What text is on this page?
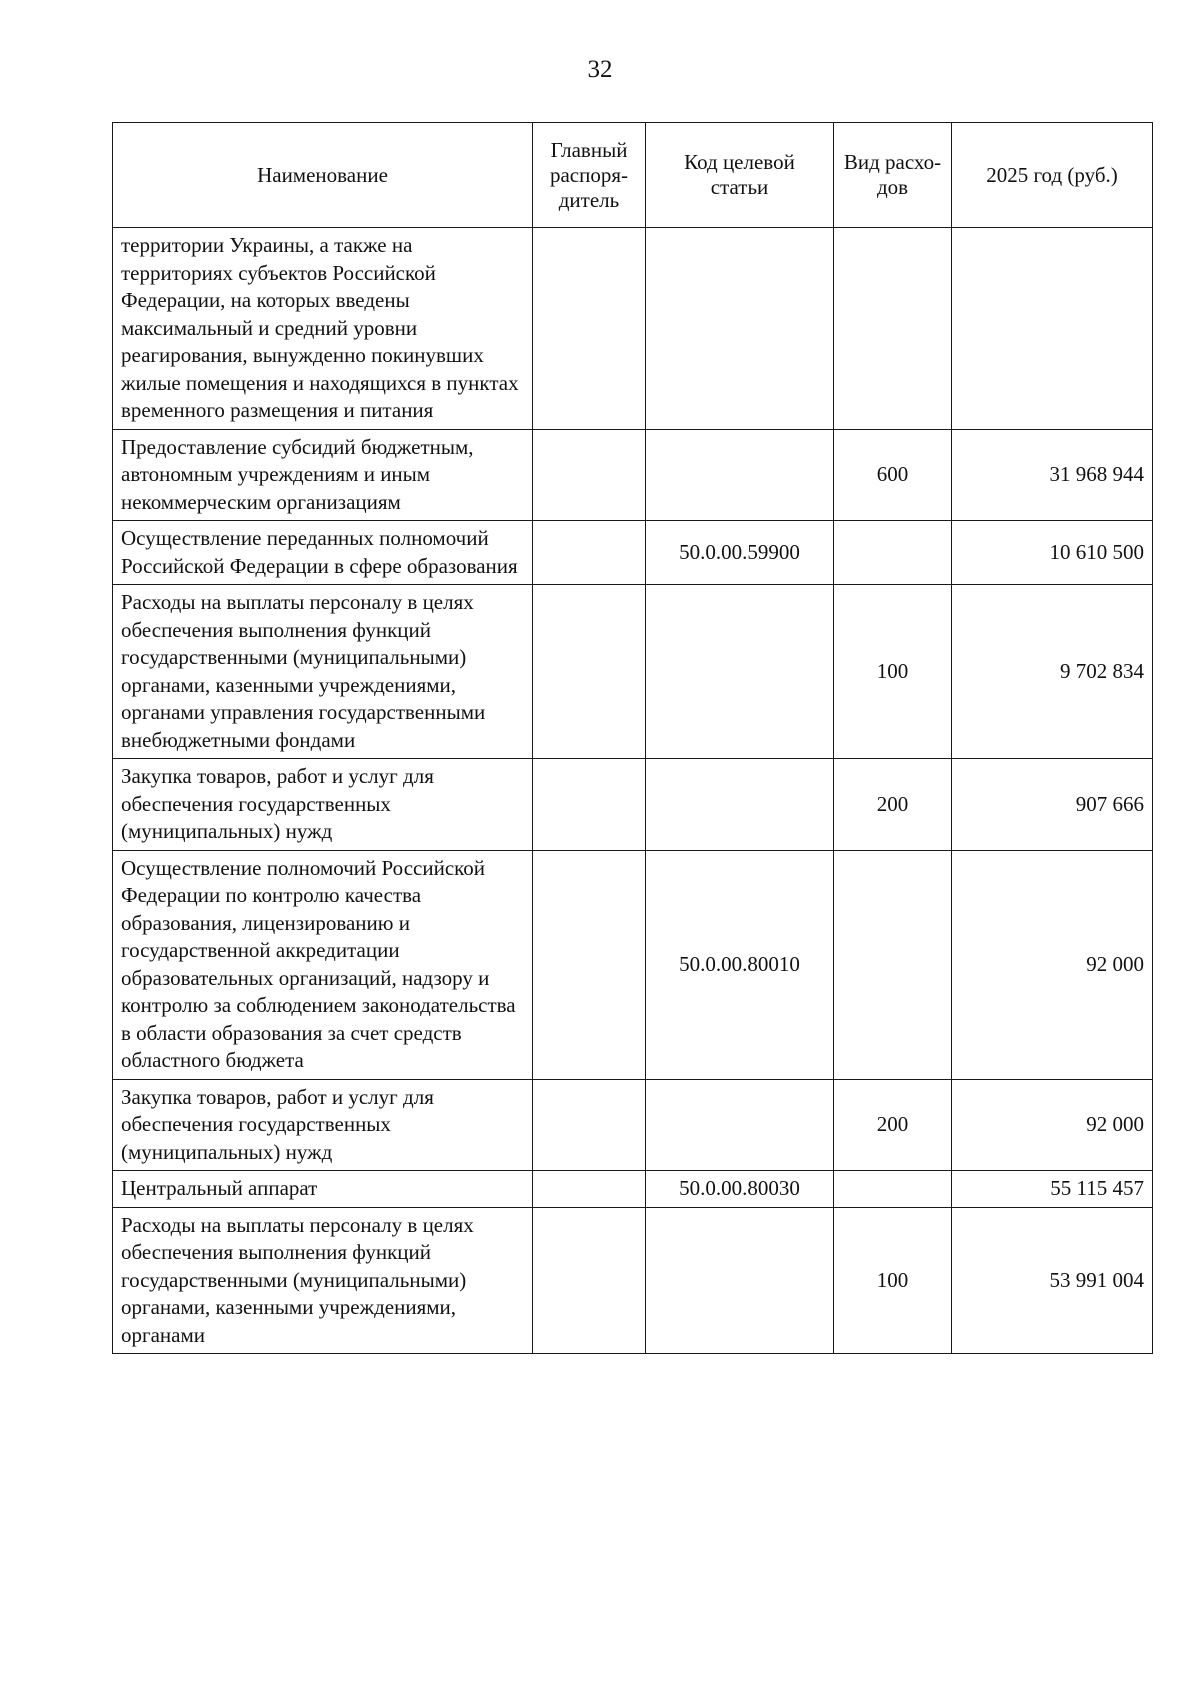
32
Наименование	Главный распоря-дитель	Код целевой статьи	Вид расхо-дов	2025 год (руб.)
территории Украины, а также на территориях субъектов Российской Федерации, на которых введены максимальный и средний уровни реагирования, вынужденно покинувших жилые помещения и находящихся в пунктах временного размещения и питания				
Предоставление субсидий бюджетным, автономным учреждениям и иным некоммерческим организациям			600	31 968 944
Осуществление переданных полномочий Российской Федерации в сфере образования		50.0.00.59900		10 610 500
Расходы на выплаты персоналу в целях обеспечения выполнения функций государственными (муниципальными) органами, казенными учреждениями, органами управления государственными внебюджетными фондами			100	9 702 834
Закупка товаров, работ и услуг для обеспечения государственных (муниципальных) нужд			200	907 666
Осуществление полномочий Российской Федерации по контролю качества образования, лицензированию и государственной аккредитации образовательных организаций, надзору и контролю за соблюдением законодательства в области образования за счет средств областного бюджета		50.0.00.80010		92 000
Закупка товаров, работ и услуг для обеспечения государственных (муниципальных) нужд			200	92 000
Центральный аппарат		50.0.00.80030		55 115 457
Расходы на выплаты персоналу в целях обеспечения выполнения функций государственными (муниципальными) органами, казенными учреждениями, органами			100	53 991 004
